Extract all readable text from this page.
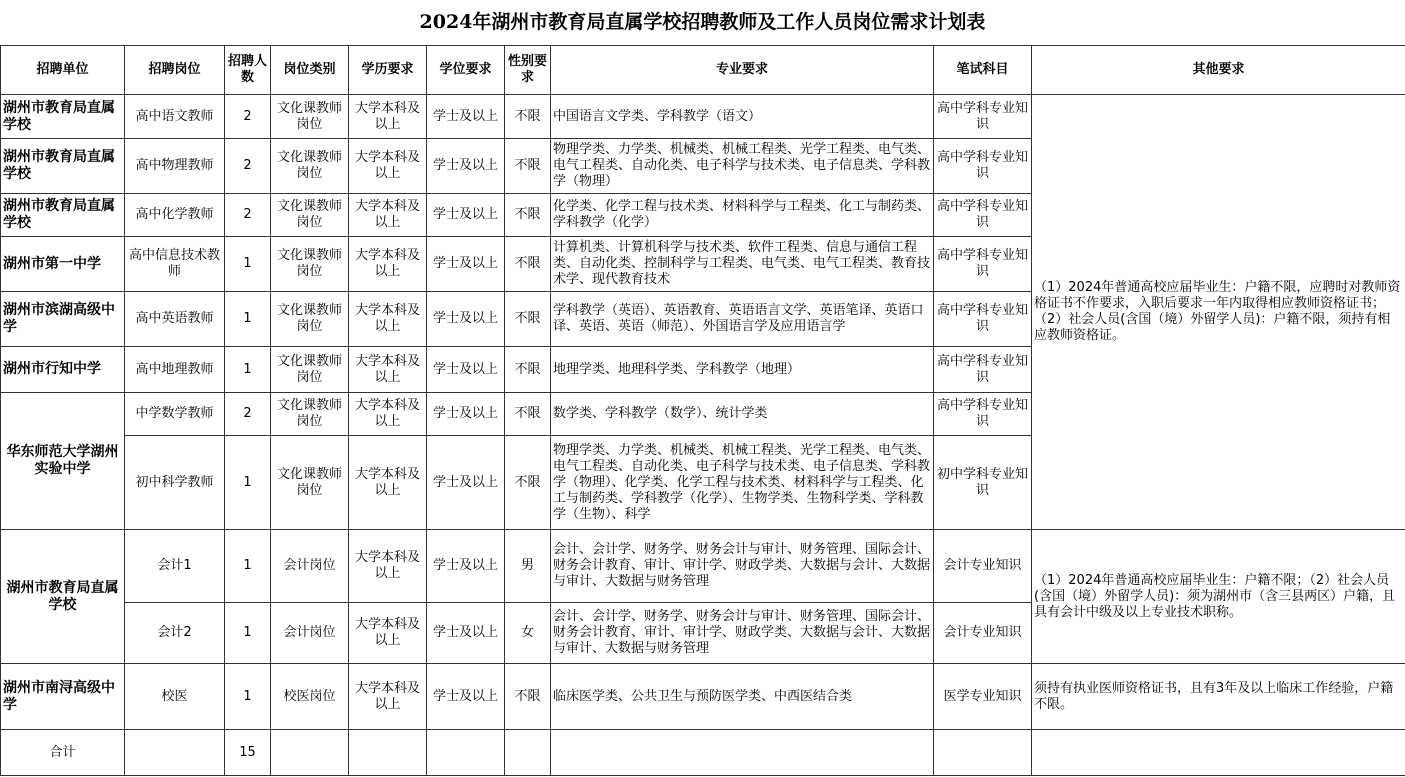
2024年湖州市教育局直属学校招聘教师及工作人员岗位需求计划表
招聘单位	招聘岗位	招聘人数	岗位类别	学历要求	学位要求	性别要求	专业要求	笔试科目	其他要求
湖州市教育局直属学校	高中语文教师	2	文化课教师岗位	大学本科及以上	学士及以上	不限	中国语言文学类、学科教学（语文）	高中学科专业知识	（1）2024年普通高校应届毕业生：户籍不限，应聘时对教师资格证书不作要求，入职后要求一年内取得相应教师资格证书；（2）社会人员(含国（境）外留学人员)：户籍不限，须持有相应教师资格证。
湖州市教育局直属学校	高中物理教师	2	文化课教师岗位	大学本科及以上	学士及以上	不限	物理学类、力学类、机械类、机械工程类、光学工程类、电气类、电气工程类、自动化类、电子科学与技术类、电子信息类、学科教学（物理）	高中学科专业知识	
湖州市教育局直属学校	高中化学教师	2	文化课教师岗位	大学本科及以上	学士及以上	不限	化学类、化学工程与技术类、材料科学与工程类、化工与制药类、学科教学（化学）	高中学科专业知识	
湖州市第一中学	高中信息技术教师	1	文化课教师岗位	大学本科及以上	学士及以上	不限	计算机类、计算机科学与技术类、软件工程类、信息与通信工程类、自动化类、控制科学与工程类、电气类、电气工程类、教育技术学、现代教育技术	高中学科专业知识	
湖州市滨湖高级中学	高中英语教师	1	文化课教师岗位	大学本科及以上	学士及以上	不限	学科教学（英语）、英语教育、英语语言文学、英语笔译、英语口译、英语、英语（师范）、外国语言学及应用语言学	高中学科专业知识	
湖州市行知中学	高中地理教师	1	文化课教师岗位	大学本科及以上	学士及以上	不限	地理学类、地理科学类、学科教学（地理）	高中学科专业知识	
华东师范大学湖州实验中学	中学数学教师	2	文化课教师岗位	大学本科及以上	学士及以上	不限	数学类、学科教学（数学）、统计学类	高中学科专业知识	
	初中科学教师	1	文化课教师岗位	大学本科及以上	学士及以上	不限	物理学类、力学类、机械类、机械工程类、光学工程类、电气类、电气工程类、自动化类、电子科学与技术类、电子信息类、学科教学（物理）、化学类、化学工程与技术类、材料科学与工程类、化工与制药类、学科教学（化学）、生物学类、生物科学类、学科教学（生物）、科学	初中学科专业知识	
湖州市教育局直属学校	会计1	1	会计岗位	大学本科及以上	学士及以上	男	会计、会计学、财务学、财务会计与审计、财务管理、国际会计、财务会计教育、审计、审计学、财政学类、大数据与会计、大数据与审计、大数据与财务管理	会计专业知识	（1）2024年普通高校应届毕业生：户籍不限；（2）社会人员(含国（境）外留学人员)：须为湖州市（含三县两区）户籍，且具有会计中级及以上专业技术职称。
	会计2	1	会计岗位	大学本科及以上	学士及以上	女	会计、会计学、财务学、财务会计与审计、财务管理、国际会计、财务会计教育、审计、审计学、财政学类、大数据与会计、大数据与审计、大数据与财务管理	会计专业知识	
湖州市南浔高级中学	校医	1	校医岗位	大学本科及以上	学士及以上	不限	临床医学类、公共卫生与预防医学类、中西医结合类	医学专业知识	须持有执业医师资格证书，且有3年及以上临床工作经验，户籍不限。
合计		15							
